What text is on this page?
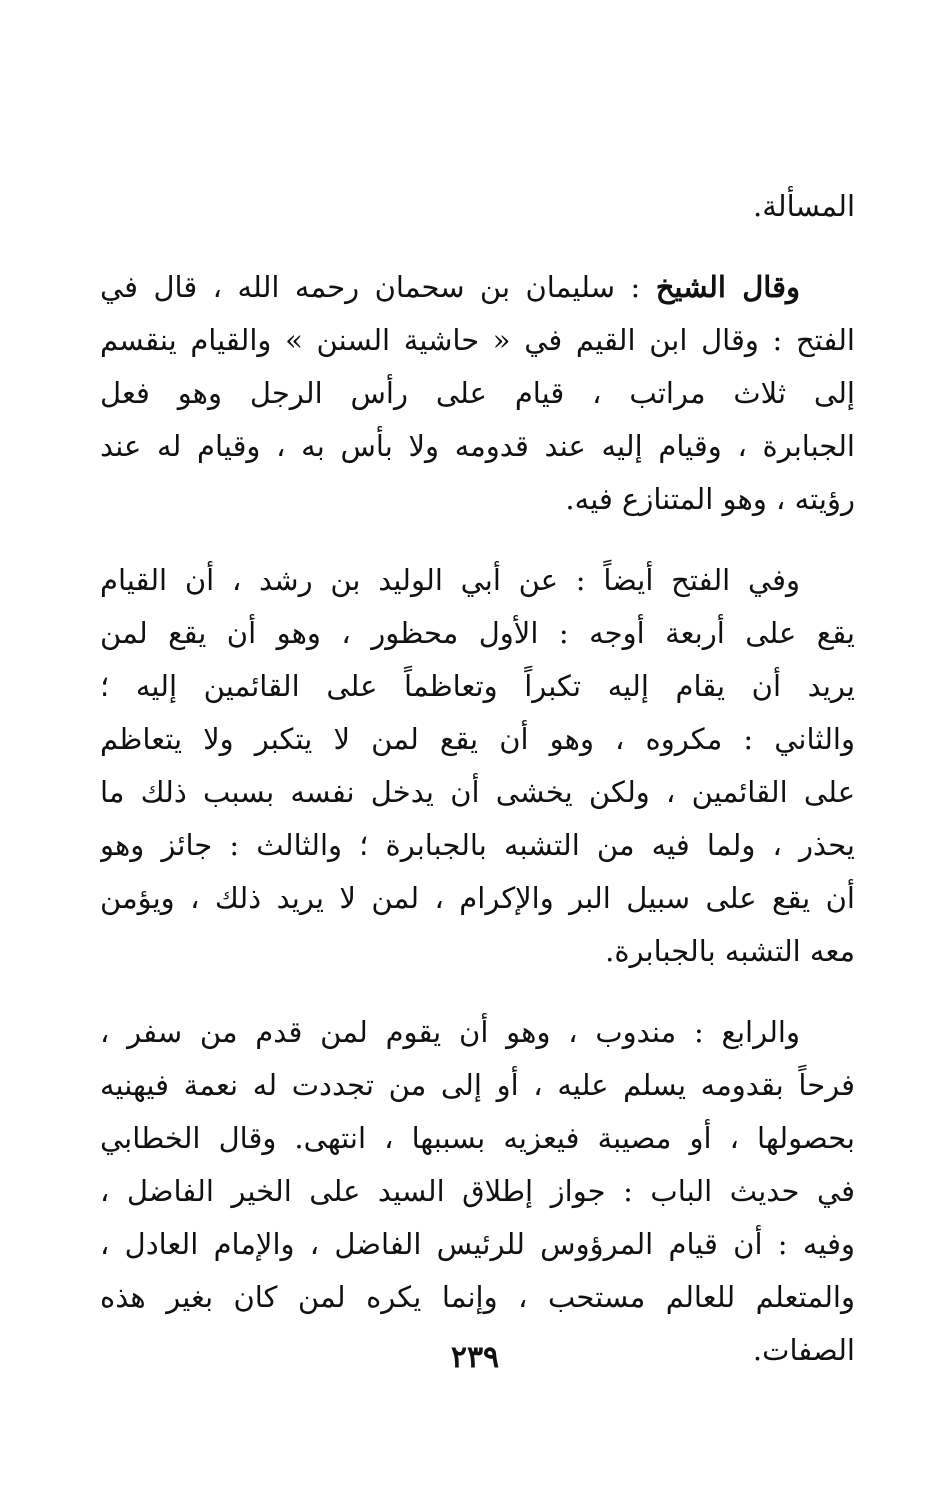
المسألة.
وقال الشيخ : سليمان بن سحمان رحمه الله ، قال في
الفتح : وقال ابن القيم في « حاشية السنن » والقيام ينقسم
إلى ثلاث مراتب ، قيام على رأس الرجل وهو فعل
الجبابرة ، وقيام إليه عند قدومه ولا بأس به ، وقيام له عند
رؤيته ، وهو المتنازع فيه.
وفي الفتح أيضاً : عن أبي الوليد بن رشد ، أن القيام
يقع على أربعة أوجه : الأول محظور ، وهو أن يقع لمن
يريد أن يقام إليه تكبراً وتعاظماً على القائمين إليه ؛
والثاني : مكروه ، وهو أن يقع لمن لا يتكبر ولا يتعاظم
على القائمين ، ولكن يخشى أن يدخل نفسه بسبب ذلك ما
يحذر ، ولما فيه من التشبه بالجبابرة ؛ والثالث : جائز وهو
أن يقع على سبيل البر والإكرام ، لمن لا يريد ذلك ، ويؤمن
معه التشبه بالجبابرة.
والرابع : مندوب ، وهو أن يقوم لمن قدم من سفر ،
فرحاً بقدومه يسلم عليه ، أو إلى من تجددت له نعمة فيهنيه
بحصولها ، أو مصيبة فيعزيه بسببها ، انتهى. وقال الخطابي
في حديث الباب : جواز إطلاق السيد على الخير الفاضل ،
وفيه : أن قيام المرؤوس للرئيس الفاضل ، والإمام العادل ،
والمتعلم للعالم مستحب ، وإنما يكره لمن كان بغير هذه
الصفات.
٢٣٩
